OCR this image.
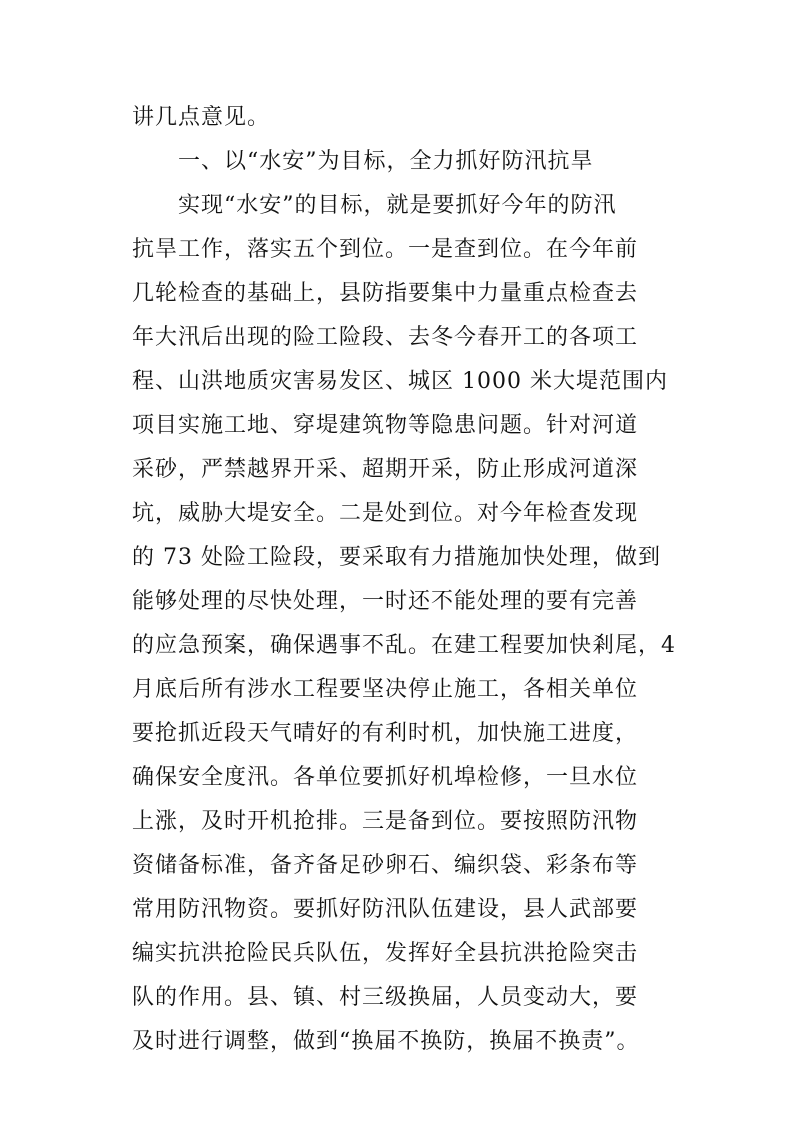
讲几点意见。
一、以“水安”为目标，全力抓好防汛抗旱
实现“水安”的目标，就是要抓好今年的防汛
抗旱工作，落实五个到位。一是查到位。在今年前
几轮检查的基础上，县防指要集中力量重点检查去
年大汛后出现的险工险段、去冬今春开工的各项工
程、山洪地质灾害易发区、城区 1000 米大堤范围内
项目实施工地、穿堤建筑物等隐患问题。针对河道
采砂，严禁越界开采、超期开采，防止形成河道深
坑，威胁大堤安全。二是处到位。对今年检查发现
的 73 处险工险段，要采取有力措施加快处理，做到
能够处理的尽快处理，一时还不能处理的要有完善
的应急预案，确保遇事不乱。在建工程要加快剎尾，4
月底后所有涉水工程要坚决停止施工，各相关单位
要抢抓近段天气晴好的有利时机，加快施工进度，
确保安全度汛。各单位要抓好机埠检修，一旦水位
上涨，及时开机抢排。三是备到位。要按照防汛物
资储备标准，备齐备足砂卵石、编织袋、彩条布等
常用防汛物资。要抓好防汛队伍建设，县人武部要
编实抗洪抢险民兵队伍，发挥好全县抗洪抢险突击
队的作用。县、镇、村三级换届，人员变动大，要
及时进行调整，做到“换届不换防，换届不换责”。
